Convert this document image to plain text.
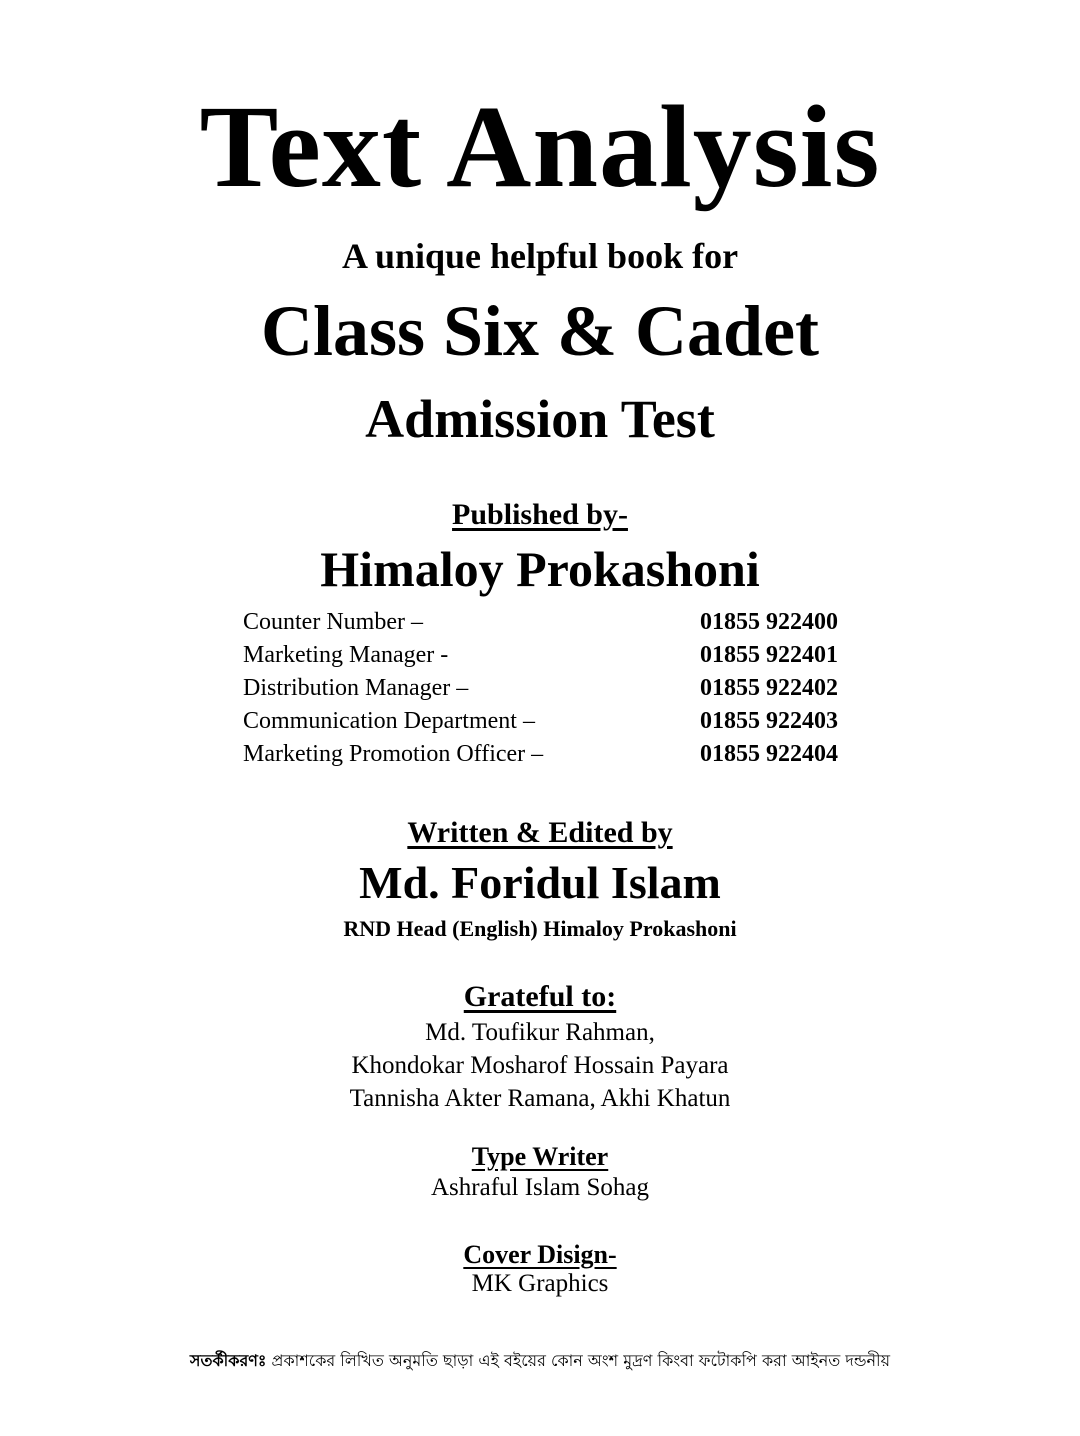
Text Analysis
A unique helpful book for
Class Six & Cadet
Admission Test
Published by-
Himaloy Prokashoni
Counter Number –	01855 922400
Marketing Manager -	01855 922401
Distribution Manager –	01855 922402
Communication Department –	01855 922403
Marketing Promotion Officer –	01855 922404
Written & Edited by
Md. Foridul Islam
RND Head (English) Himaloy Prokashoni
Grateful to:
Md. Toufikur Rahman,
Khondokar Mosharof Hossain Payara
Tannisha Akter Ramana, Akhi Khatun
Type Writer
Ashraful Islam Sohag
Cover Disign-
MK Graphics
সতর্কীকরণঃ প্রকাশকের লিখিত অনুমতি ছাড়া এই বইয়ের কোন অংশ মুদ্রণ কিংবা ফটোকপি করা আইনত দন্ডনীয়
